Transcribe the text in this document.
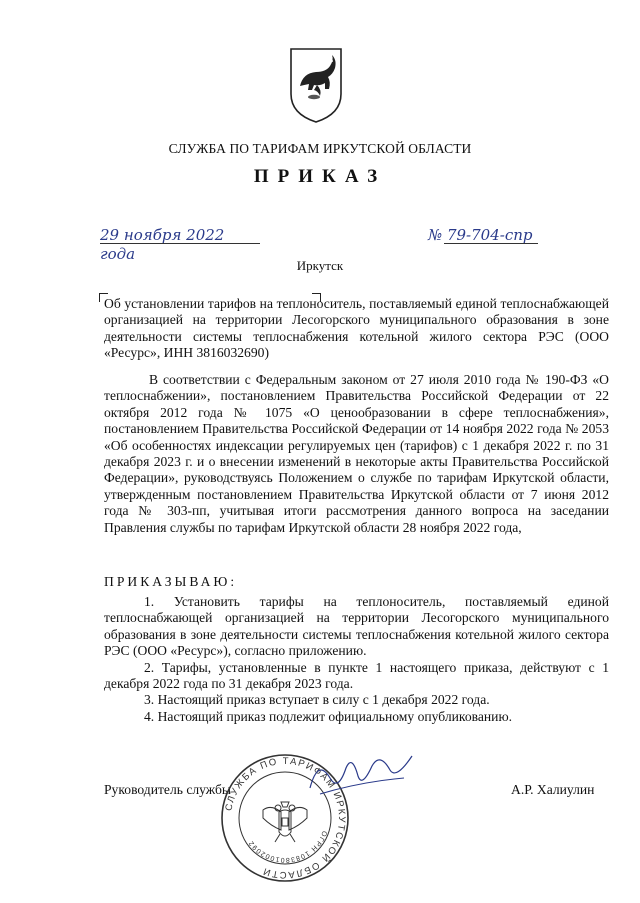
СЛУЖБА ПО ТАРИФАМ ИРКУТСКОЙ ОБЛАСТИ
ПРИКАЗ
29 ноября 2022 года
№ 79-704-спр
Иркутск
Об установлении тарифов на теплоноситель, поставляемый единой теплоснабжающей организацией на территории Лесогорского муниципального образования в зоне деятельности системы теплоснабжения котельной жилого сектора РЭС (ООО «Ресурс», ИНН 3816032690)
В соответствии с Федеральным законом от 27 июля 2010 года № 190-ФЗ «О теплоснабжении», постановлением Правительства Российской Федерации от 22 октября 2012 года № 1075 «О ценообразовании в сфере теплоснабжения», постановлением Правительства Российской Федерации от 14 ноября 2022 года № 2053 «Об особенностях индексации регулируемых цен (тарифов) с 1 декабря 2022 г. по 31 декабря 2023 г. и о внесении изменений в некоторые акты Правительства Российской Федерации», руководствуясь Положением о службе по тарифам Иркутской области, утвержденным постановлением Правительства Иркутской области от 7 июня 2012 года № 303-пп, учитывая итоги рассмотрения данного вопроса на заседании Правления службы по тарифам Иркутской области 28 ноября 2022 года,
ПРИКАЗЫВАЮ:

1. Установить тарифы на теплоноситель, поставляемый единой теплоснабжающей организацией на территории Лесогорского муниципального образования в зоне деятельности системы теплоснабжения котельной жилого сектора РЭС (ООО «Ресурс»), согласно приложению.

2. Тарифы, установленные в пункте 1 настоящего приказа, действуют с 1 декабря 2022 года по 31 декабря 2023 года.

3. Настоящий приказ вступает в силу с 1 декабря 2022 года.

4. Настоящий приказ подлежит официальному опубликованию.

Руководитель службы	А.Р. Халиулин
СЛУЖБА ПО ТАРИФАМ ИРКУТСКОЙ ОБЛАСТИ
ОГРН 1083801002092
